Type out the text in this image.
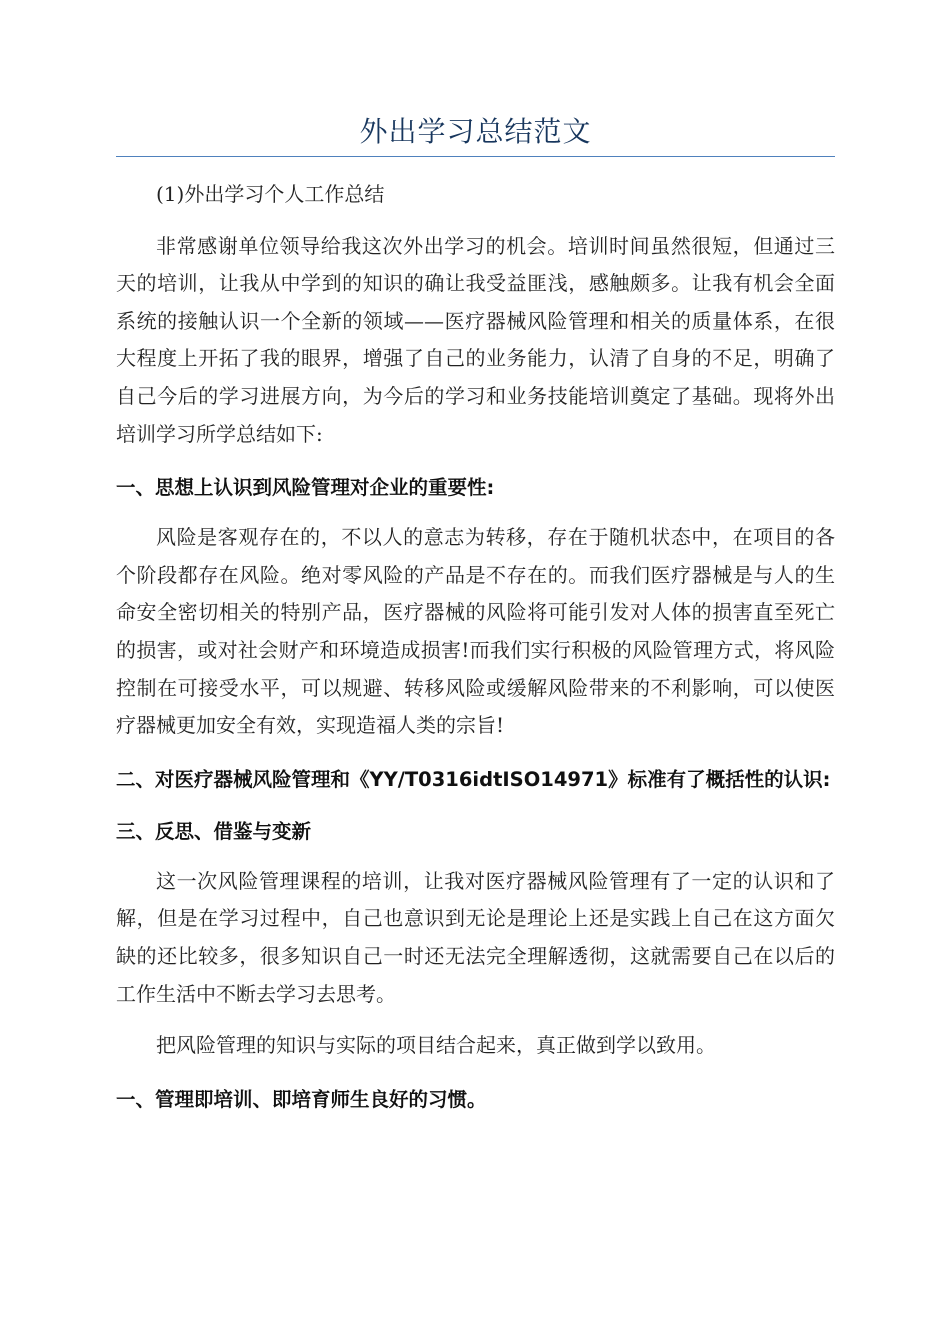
外出学习总结范文

(1)外出学习个人工作总结

非常感谢单位领导给我这次外出学习的机会。培训时间虽然很短，但通过三天的培训，让我从中学到的知识的确让我受益匪浅，感触颇多。让我有机会全面系统的接触认识一个全新的领域——医疗器械风险管理和相关的质量体系，在很大程度上开拓了我的眼界，增强了自己的业务能力，认清了自身的不足，明确了自己今后的学习进展方向，为今后的学习和业务技能培训奠定了基础。现将外出培训学习所学总结如下:

一、思想上认识到风险管理对企业的重要性:

风险是客观存在的，不以人的意志为转移，存在于随机状态中，在项目的各个阶段都存在风险。绝对零风险的产品是不存在的。而我们医疗器械是与人的生命安全密切相关的特别产品，医疗器械的风险将可能引发对人体的损害直至死亡的损害，或对社会财产和环境造成损害!而我们实行积极的风险管理方式，将风险控制在可接受水平，可以规避、转移风险或缓解风险带来的不利影响，可以使医疗器械更加安全有效，实现造福人类的宗旨!

二、对医疗器械风险管理和《YY/T0316idtISO14971》标准有了概括性的认识:

三、反思、借鉴与变新

这一次风险管理课程的培训，让我对医疗器械风险管理有了一定的认识和了解，但是在学习过程中，自己也意识到无论是理论上还是实践上自己在这方面欠缺的还比较多，很多知识自己一时还无法完全理解透彻，这就需要自己在以后的工作生活中不断去学习去思考。

把风险管理的知识与实际的项目结合起来，真正做到学以致用。

一、管理即培训、即培育师生良好的习惯。
